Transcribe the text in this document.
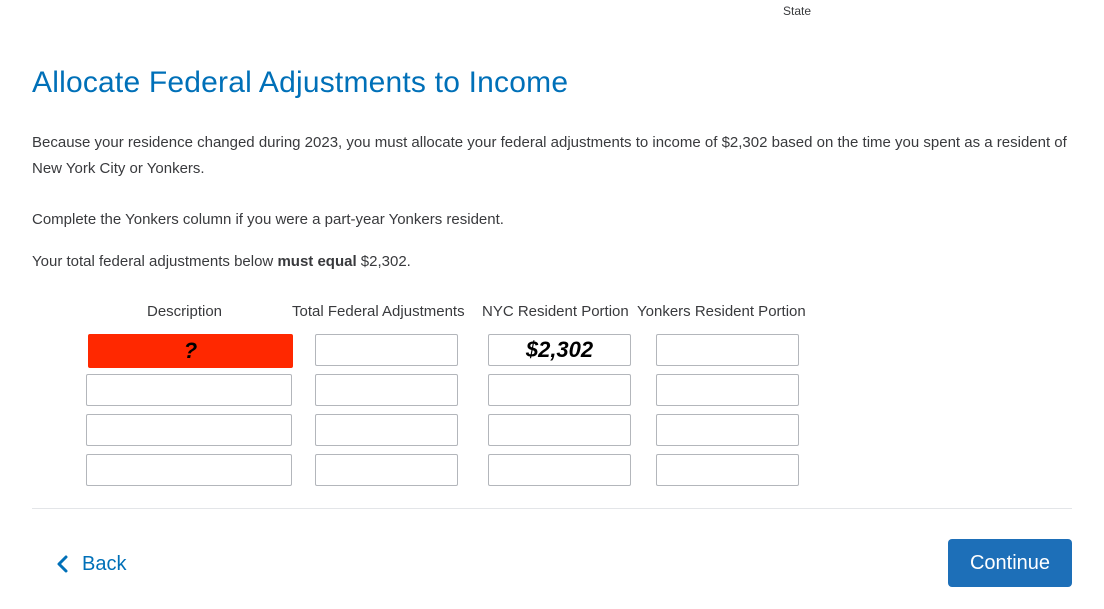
State
Allocate Federal Adjustments to Income

Because your residence changed during 2023, you must allocate your federal adjustments to income of $2,302 based on the time you spent as a resident of New York City or Yonkers.

Complete the Yonkers column if you were a part-year Yonkers resident.

Your total federal adjustments below must equal $2,302.

Description	Total Federal Adjustments NYC Resident Portion Yonkers Resident Portion
?
$2,302
Back	Continue
